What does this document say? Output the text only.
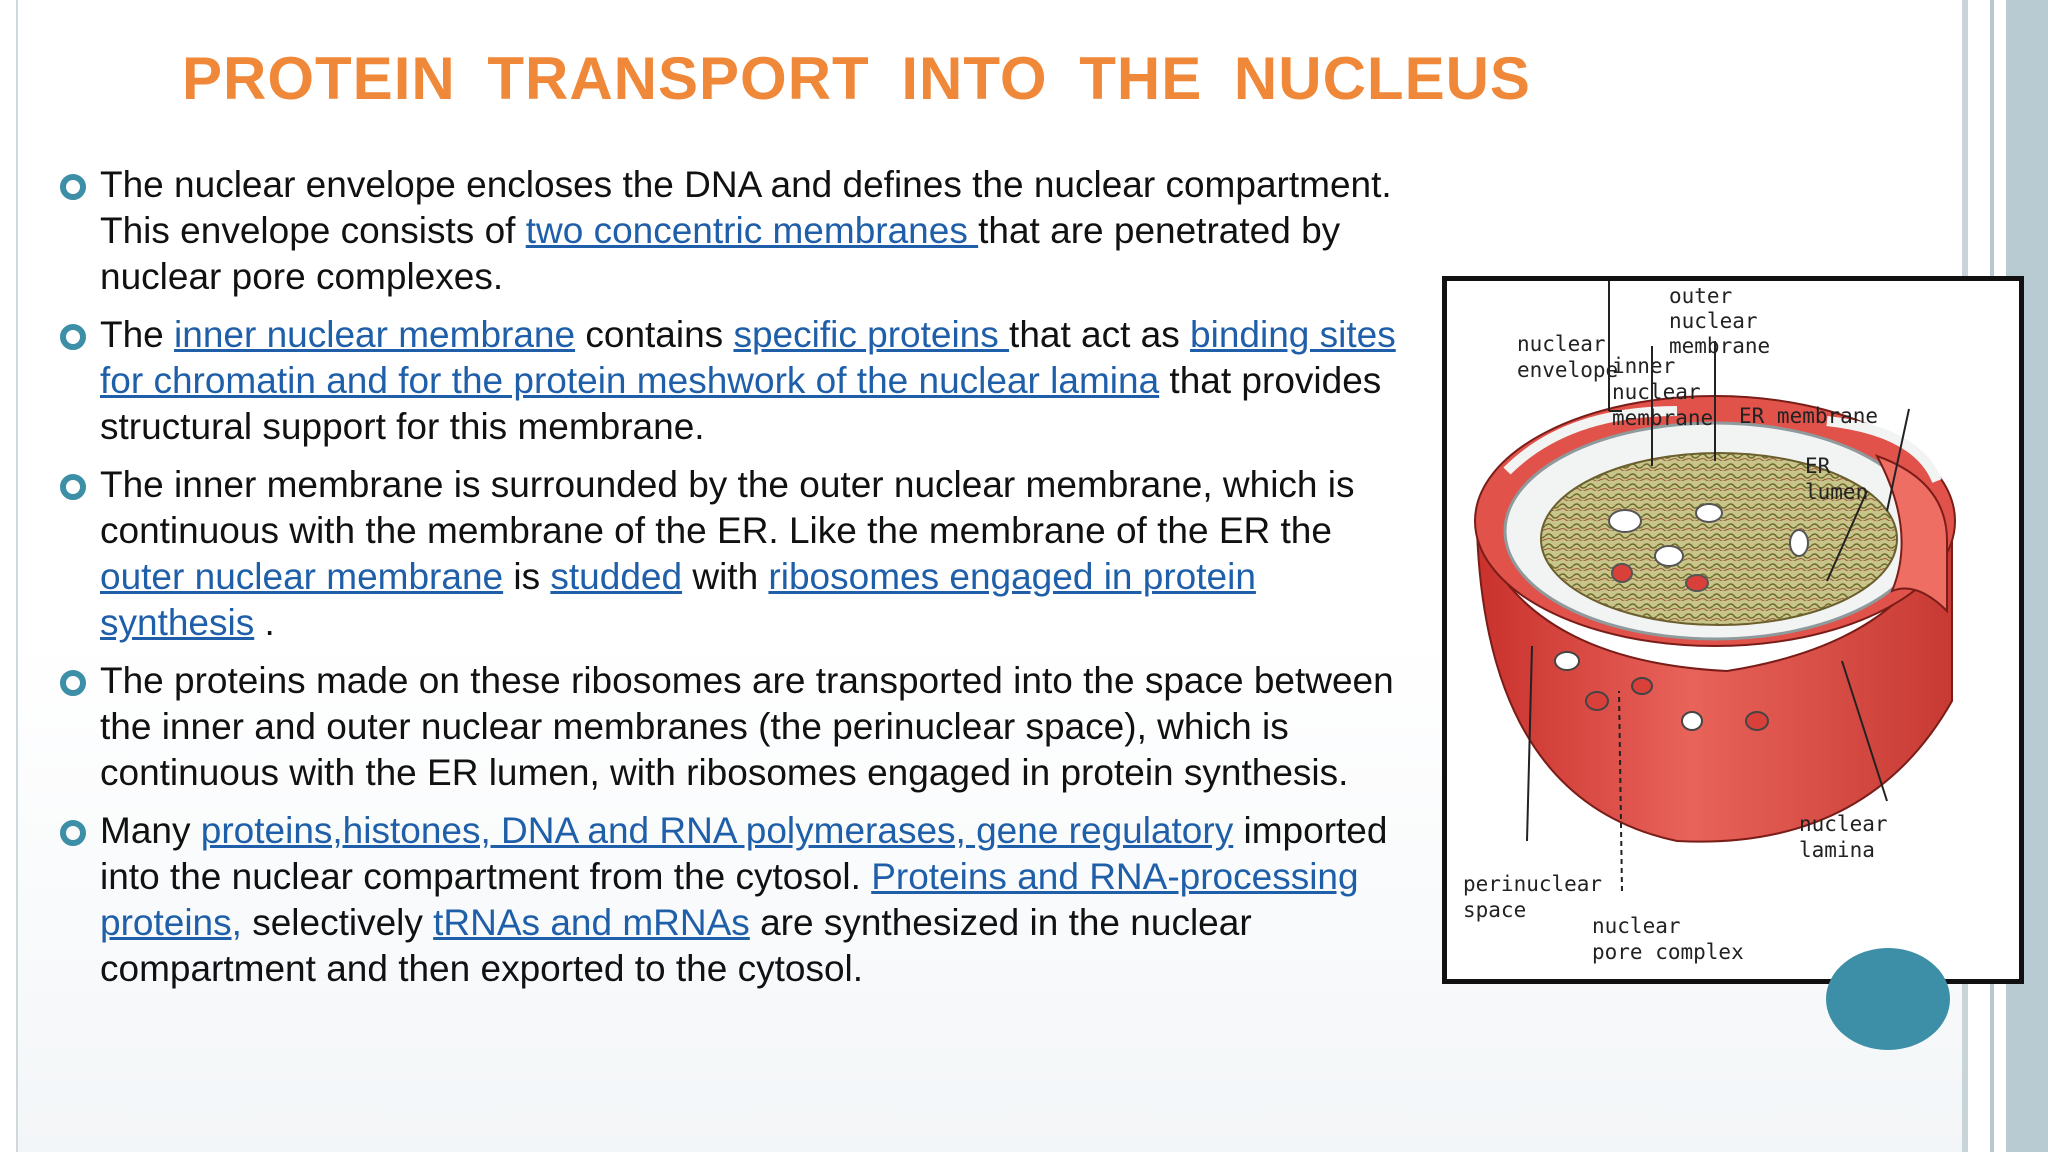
PROTEIN TRANSPORT INTO THE NUCLEUS
The nuclear envelope encloses the DNA and defines the nuclear compartment. This envelope consists of two concentric membranes that are penetrated by nuclear pore complexes.
The inner nuclear membrane contains specific proteins that act as binding sites for chromatin and for the protein meshwork of the nuclear lamina that provides structural support for this membrane.
The inner membrane is surrounded by the outer nuclear membrane, which is continuous with the membrane of the ER. Like the membrane of the ER the outer nuclear membrane is studded with ribosomes engaged in protein synthesis .
The proteins made on these ribosomes are transported into the space between the inner and outer nuclear membranes (the perinuclear space), which is continuous with the ER lumen, with ribosomes engaged in protein synthesis.
Many proteins,histones, DNA and RNA polymerases, gene regulatory imported into the nuclear compartment from the cytosol. Proteins and RNA-processing proteins, selectively tRNAs and mRNAs are synthesized in the nuclear compartment and then exported to the cytosol.
outer nuclear membrane
nuclear envelope
inner nuclear membrane ER membrane
ER lumen
nuclear lamina
perinuclear space
nuclear pore complex
